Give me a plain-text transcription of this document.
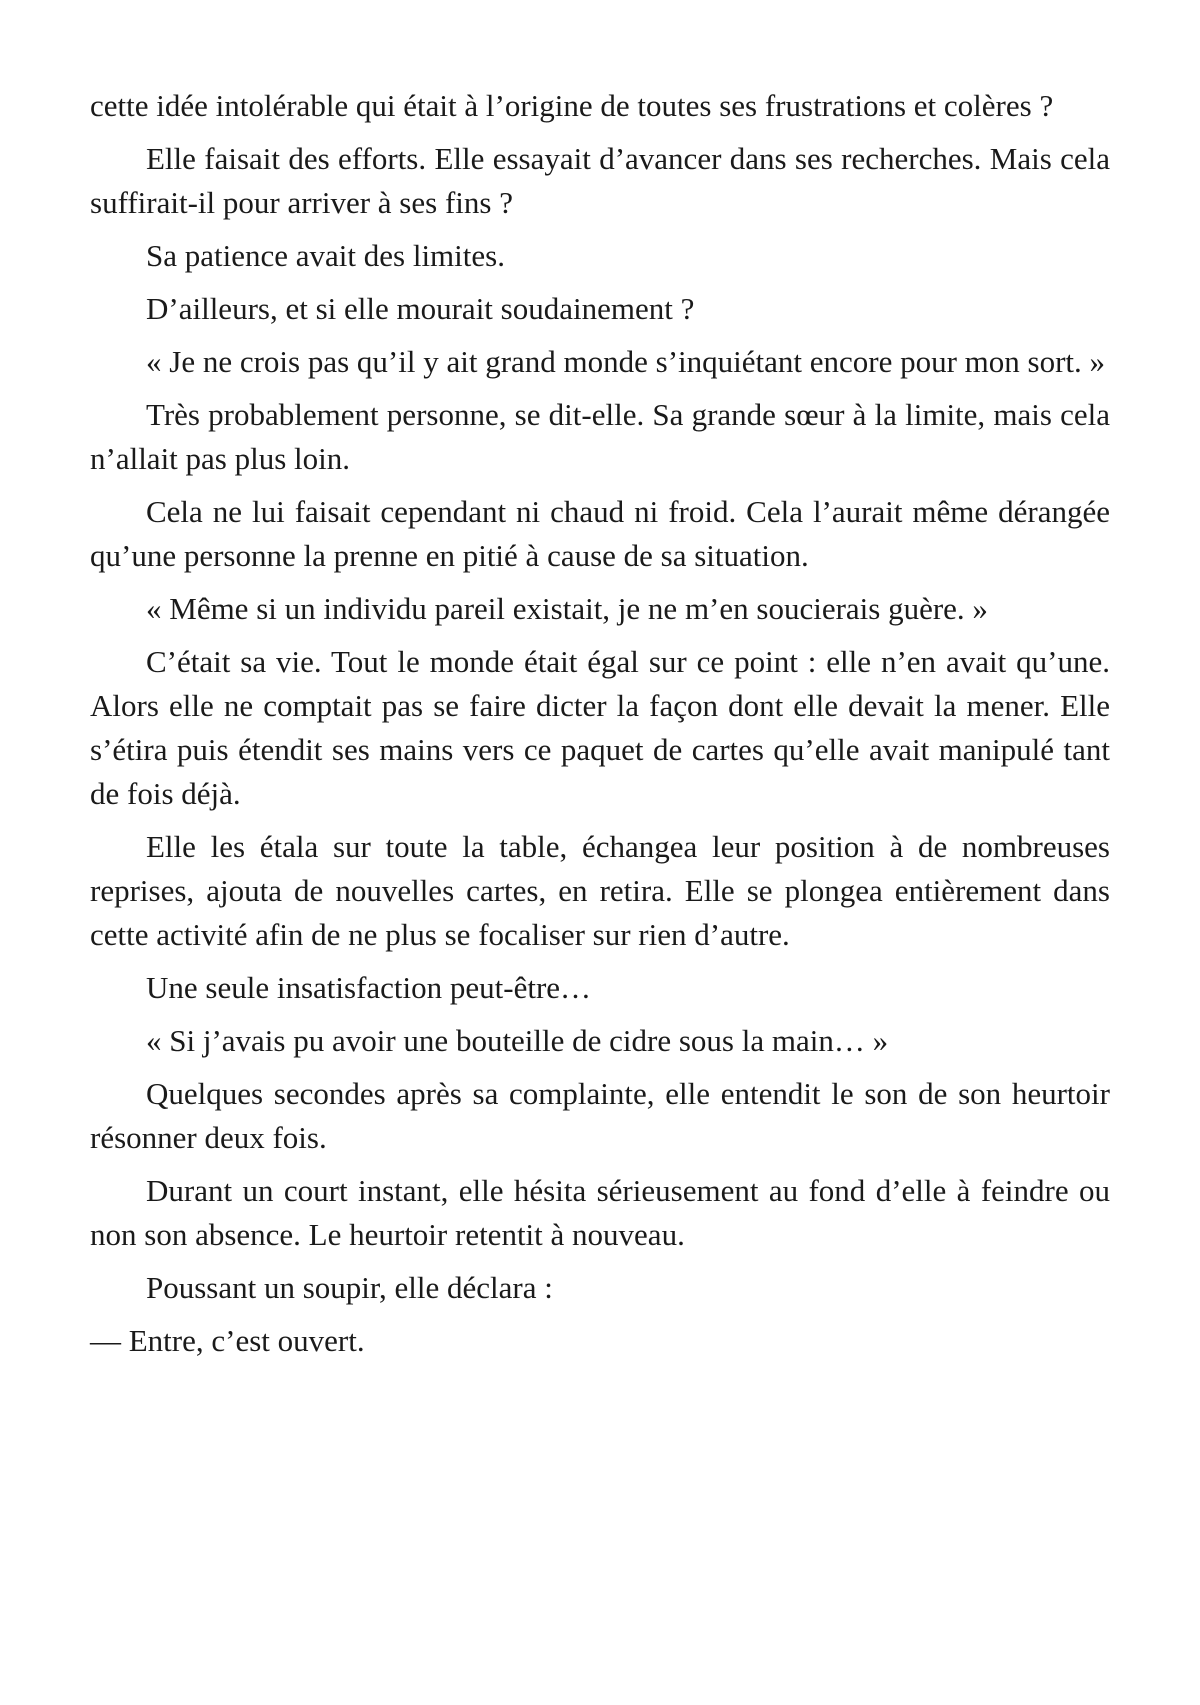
cette idée intolérable qui était à l’origine de toutes ses frustrations et colères ?

Elle faisait des efforts. Elle essayait d’avancer dans ses recherches. Mais cela suffirait-il pour arriver à ses fins ?

Sa patience avait des limites.

D’ailleurs, et si elle mourait soudainement ?

« Je ne crois pas qu’il y ait grand monde s’inquiétant encore pour mon sort. »

Très probablement personne, se dit-elle. Sa grande sœur à la limite, mais cela n’allait pas plus loin.

Cela ne lui faisait cependant ni chaud ni froid. Cela l’aurait même dérangée qu’une personne la prenne en pitié à cause de sa situation.

« Même si un individu pareil existait, je ne m’en soucierais guère. »

C’était sa vie. Tout le monde était égal sur ce point : elle n’en avait qu’une. Alors elle ne comptait pas se faire dicter la façon dont elle devait la mener. Elle s’étira puis étendit ses mains vers ce paquet de cartes qu’elle avait manipulé tant de fois déjà.

Elle les étala sur toute la table, échangea leur position à de nombreuses reprises, ajouta de nouvelles cartes, en retira. Elle se plongea entièrement dans cette activité afin de ne plus se focaliser sur rien d’autre.

Une seule insatisfaction peut-être…

« Si j’avais pu avoir une bouteille de cidre sous la main… »

Quelques secondes après sa complainte, elle entendit le son de son heurtoir résonner deux fois.

Durant un court instant, elle hésita sérieusement au fond d’elle à feindre ou non son absence. Le heurtoir retentit à nouveau.

Poussant un soupir, elle déclara :

— Entre, c’est ouvert.
